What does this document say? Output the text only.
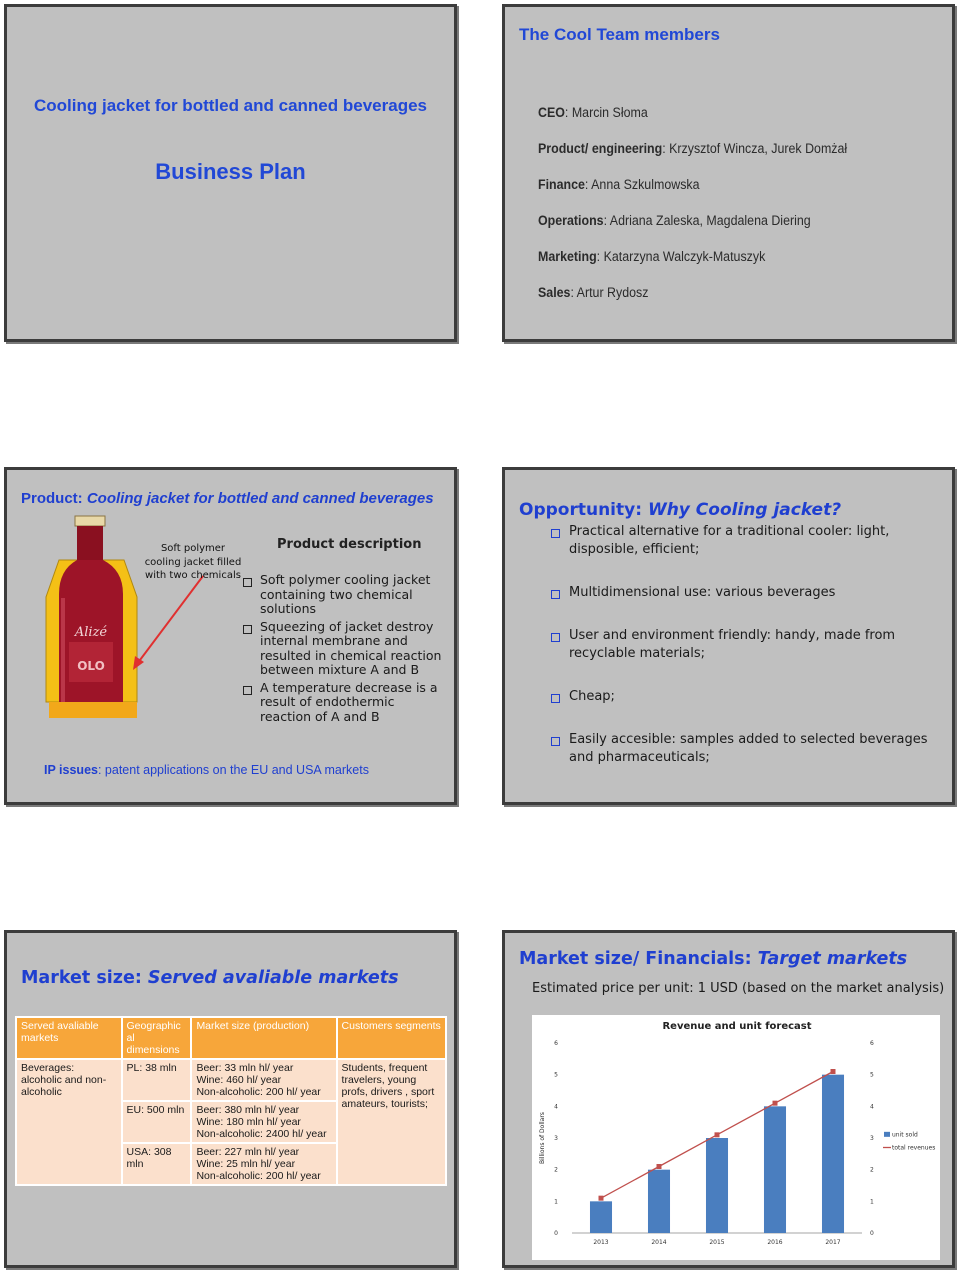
Cooling jacket for bottled and canned beverages
Business Plan
The Cool Team members
CEO: Marcin Słoma
Product/ engineering: Krzysztof Wincza, Jurek Domżał
Finance: Anna Szkulmowska
Operations: Adriana Zaleska, Magdalena Diering
Marketing: Katarzyna Walczyk-Matuszyk
Sales: Artur Rydosz
Product: Cooling jacket for bottled and canned beverages
Alizé
OLO
Soft polymer cooling jacket filled with two chemicals
Product description
Soft polymer cooling jacket containing two chemical solutions
Squeezing of jacket destroy internal membrane and resulted in chemical reaction between mixture A and B
A temperature decrease is a result of endothermic reaction of A and B
IP issues: patent applications on the EU and USA markets
Opportunity: Why Cooling jacket?
Practical alternative for a traditional cooler: light, disposible, efficient;
Multidimensional use: various beverages
User and environment friendly: handy, made from recyclable materials;
Cheap;
Easily accesible: samples added to selected beverages and pharmaceuticals;
Market size: Served avaliable markets
Served avaliable markets	Geographic al dimensions	Market size (production)	Customers segments
Beverages: alcoholic and non-alcoholic	PL: 38 mln	Beer: 33 mln hl/ year
Wine: 460 hl/ year
Non-alcoholic: 200 hl/ year	Students, frequent travelers, young profs, drivers , sport amateurs, tourists;
	EU: 500 mln	Beer: 380 mln hl/ year
Wine: 180 mln hl/ year
Non-alcoholic: 2400 hl/ year	

	USA: 308 mln	Beer: 227 mln hl/ year
Wine: 25 mln hl/ year
Non-alcoholic: 200 hl/ year	
Market size/ Financials: Target markets
Estimated price per unit: 1 USD (based on the market analysis)
Revenue and unit forecast
Billions of Dollars
0
1
2
3
4
5
6
0
1
2
3
4
5
6
2013	2014	2015	2016	2017
unit sold
total revenues
